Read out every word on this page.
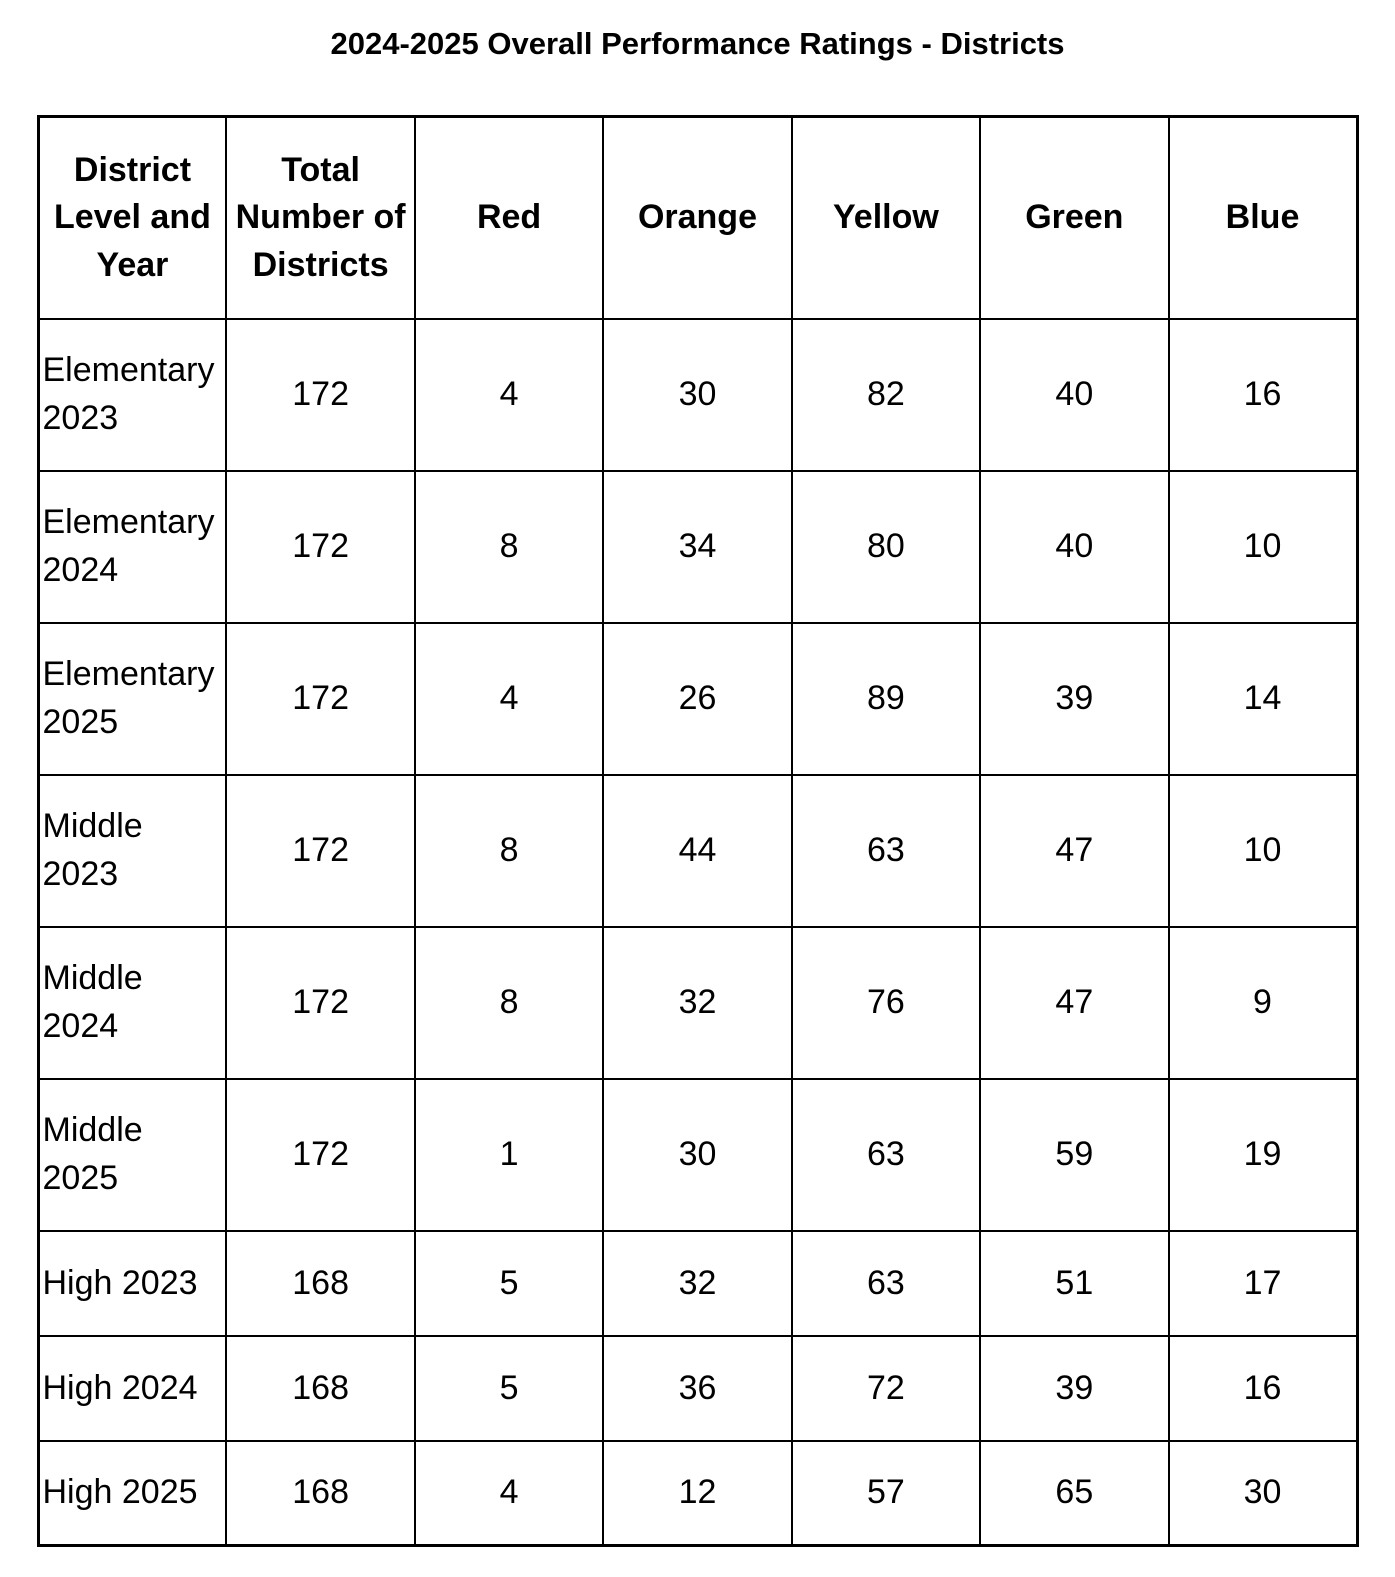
2024-2025 Overall Performance Ratings - Districts
District Level and Year	Total Number of Districts	Red	Orange	Yellow	Green	Blue
Elementary 2023	172	4	30	82	40	16
Elementary 2024	172	8	34	80	40	10
Elementary 2025	172	4	26	89	39	14
Middle 2023	172	8	44	63	47	10
Middle 2024	172	8	32	76	47	9
Middle 2025	172	1	30	63	59	19
High 2023	168	5	32	63	51	17
High 2024	168	5	36	72	39	16
High 2025	168	4	12	57	65	30
